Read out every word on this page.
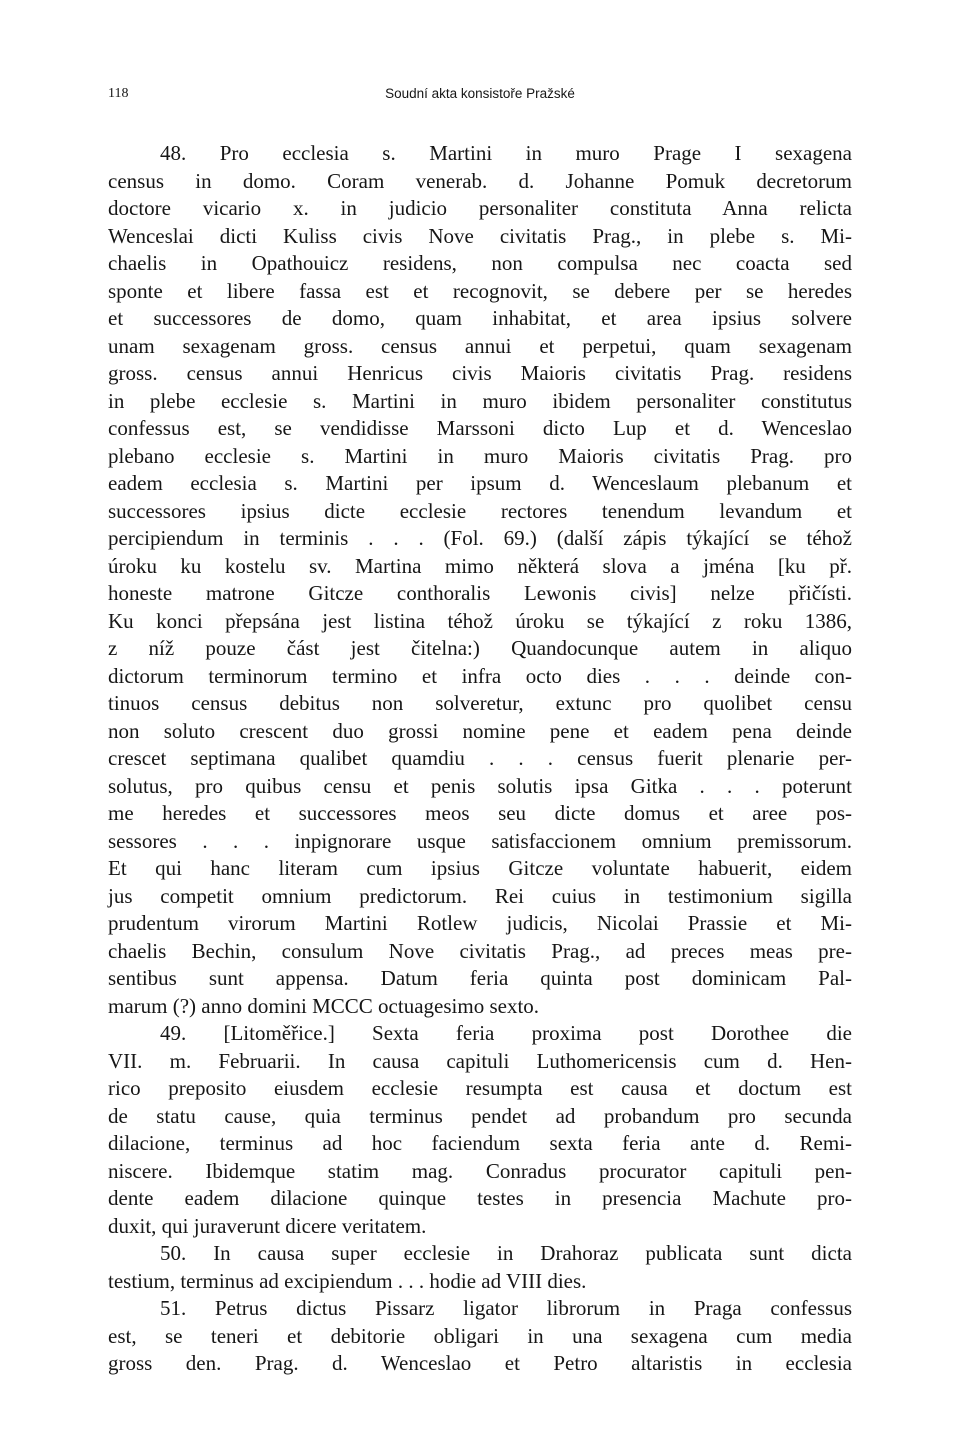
118	Soudní akta konsistoře Pražské
48. Pro ecclesia s. Martini in muro Prage I sexagena
census in domo. Coram venerab. d. Johanne Pomuk decretorum
doctore vicario x. in judicio personaliter constituta Anna relicta
Wenceslai dicti Kuliss civis Nove civitatis Prag., in plebe s. Mi-
chaelis in Opathouicz residens, non compulsa nec coacta sed
sponte et libere fassa est et recognovit, se debere per se heredes
et successores de domo, quam inhabitat, et area ipsius solvere
unam sexagenam gross. census annui et perpetui, quam sexagenam
gross. census annui Henricus civis Maioris civitatis Prag. residens
in plebe ecclesie s. Martini in muro ibidem personaliter constitutus
confessus est, se vendidisse Marssoni dicto Lup et d. Wenceslao
plebano ecclesie s. Martini in muro Maioris civitatis Prag. pro
eadem ecclesia s. Martini per ipsum d. Wenceslaum plebanum et
successores ipsius dicte ecclesie rectores tenendum levandum et
percipiendum in terminis . . . (Fol. 69.) (další zápis týkající se téhož
úroku ku kostelu sv. Martina mimo některá slova a jména [ku př.
honeste matrone Gitcze conthoralis Lewonis civis] nelze přičísti.
Ku konci přepsána jest listina téhož úroku se týkající z roku 1386,
z níž pouze část jest čitelna:) Quandocunque autem in aliquo
dictorum terminorum termino et infra octo dies . . . deinde con-
tinuos census debitus non solveretur, extunc pro quolibet censu
non soluto crescent duo grossi nomine pene et eadem pena deinde
crescet septimana qualibet quamdiu . . . census fuerit plenarie per-
solutus, pro quibus censu et penis solutis ipsa Gitka . . . poterunt
me heredes et successores meos seu dicte domus et aree pos-
sessores . . . inpignorare usque satisfaccionem omnium premissorum.
Et qui hanc literam cum ipsius Gitcze voluntate habuerit, eidem
jus competit omnium predictorum. Rei cuius in testimonium sigilla
prudentum virorum Martini Rotlew judicis, Nicolai Prassie et Mi-
chaelis Bechin, consulum Nove civitatis Prag., ad preces meas pre-
sentibus sunt appensa. Datum feria quinta post dominicam Pal-
marum (?) anno domini MCCC octuagesimo sexto.
49. [Litoměřice.] Sexta feria proxima post Dorothee die
VII. m. Februarii. In causa capituli Luthomericensis cum d. Hen-
rico preposito eiusdem ecclesie resumpta est causa et doctum est
de statu cause, quia terminus pendet ad probandum pro secunda
dilacione, terminus ad hoc faciendum sexta feria ante d. Remi-
niscere. Ibidemque statim mag. Conradus procurator capituli pen-
dente eadem dilacione quinque testes in presencia Machute pro-
duxit, qui juraverunt dicere veritatem.
50. In causa super ecclesie in Drahoraz publicata sunt dicta
testium, terminus ad excipiendum . . . hodie ad VIII dies.
51. Petrus dictus Pissarz ligator librorum in Praga confessus
est, se teneri et debitorie obligari in una sexagena cum media
gross den. Prag. d. Wenceslao et Petro altaristis in ecclesia
